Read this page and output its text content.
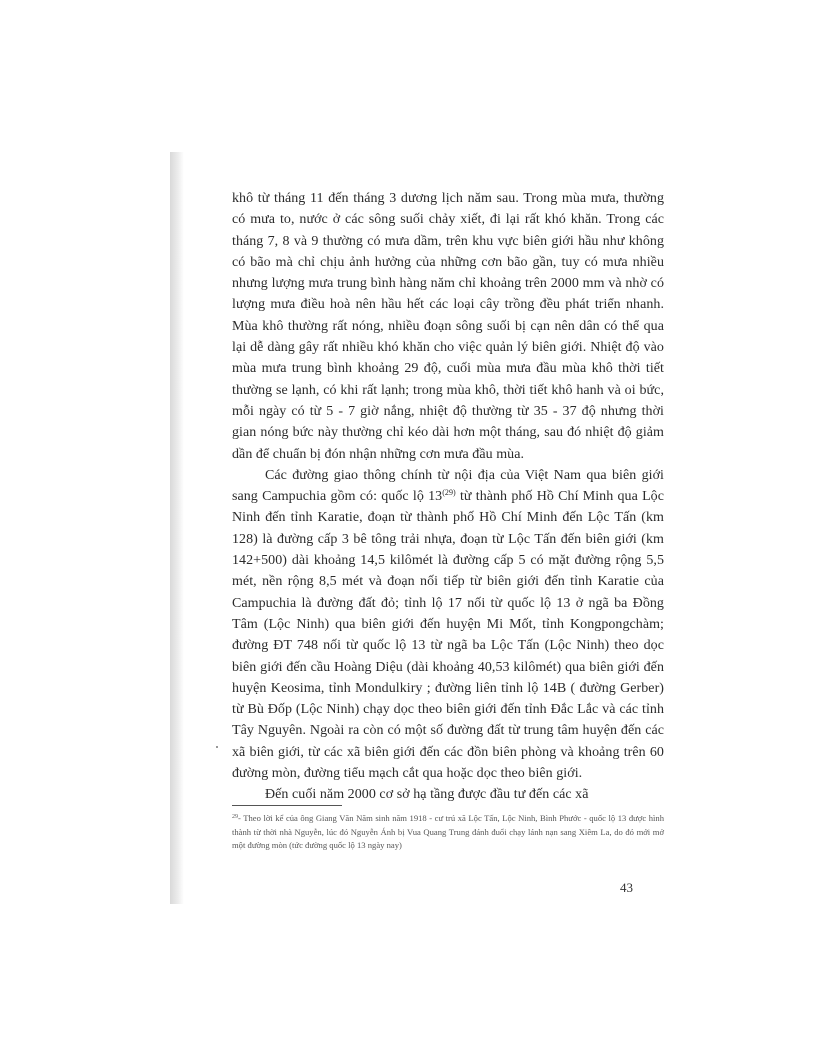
khô từ tháng 11 đến tháng 3 dương lịch năm sau. Trong mùa mưa, thường có mưa to, nước ở các sông suối chảy xiết, đi lại rất khó khăn. Trong các tháng 7, 8 và 9 thường có mưa dầm, trên khu vực biên giới hầu như không có bão mà chỉ chịu ảnh hưởng của những cơn bão gần, tuy có mưa nhiều nhưng lượng mưa trung bình hàng năm chỉ khoảng trên 2000 mm và nhờ có lượng mưa điều hoà nên hầu hết các loại cây trồng đều phát triển nhanh. Mùa khô thường rất nóng, nhiều đoạn sông suối bị cạn nên dân có thể qua lại dễ dàng gây rất nhiều khó khăn cho việc quản lý biên giới. Nhiệt độ vào mùa mưa trung bình khoảng 29 độ, cuối mùa mưa đầu mùa khô thời tiết thường se lạnh, có khi rất lạnh; trong mùa khô, thời tiết khô hanh và oi bức, mỗi ngày có từ 5 - 7 giờ nắng, nhiệt độ thường từ 35 - 37 độ nhưng thời gian nóng bức này thường chỉ kéo dài hơn một tháng, sau đó nhiệt độ giảm dần để chuẩn bị đón nhận những cơn mưa đầu mùa.

Các đường giao thông chính từ nội địa của Việt Nam qua biên giới sang Campuchia gồm có: quốc lộ 13$^{(29)}$ từ thành phố Hồ Chí Minh qua Lộc Ninh đến tỉnh Karatie, đoạn từ thành phố Hồ Chí Minh đến Lộc Tấn (km 128) là đường cấp 3 bê tông trải nhựa, đoạn từ Lộc Tấn đến biên giới (km 142+500) dài khoảng 14,5 kilômét là đường cấp 5 có mặt đường rộng 5,5 mét, nền rộng 8,5 mét và đoạn nối tiếp từ biên giới đến tỉnh Karatie của Campuchia là đường đất đỏ; tỉnh lộ 17 nối từ quốc lộ 13 ở ngã ba Đồng Tâm (Lộc Ninh) qua biên giới đến huyện Mi Mốt, tỉnh Kongpongchàm; đường ĐT 748 nối từ quốc lộ 13 từ ngã ba Lộc Tấn (Lộc Ninh) theo dọc biên giới đến cầu Hoàng Diệu (dài khoảng 40,53 kilômét) qua biên giới đến huyện Keosima, tỉnh Mondulkiry ; đường liên tỉnh lộ 14B ( đường Gerber) từ Bù Đốp (Lộc Ninh) chạy dọc theo biên giới đến tỉnh Đắc Lắc và các tỉnh Tây Nguyên. Ngoài ra còn có một số đường đất từ trung tâm huyện đến các xã biên giới, từ các xã biên giới đến các đồn biên phòng và khoảng trên 60 đường mòn, đường tiểu mạch cắt qua hoặc dọc theo biên giới.

Đến cuối năm 2000 cơ sở hạ tầng được đầu tư đến các xã

$^{29}$- Theo lời kể của ông Giang Văn Năm sinh năm 1918 - cư trú xã Lộc Tấn, Lộc Ninh, Bình Phước - quốc lộ 13 được hình thành từ thời nhà Nguyễn, lúc đó Nguyễn Ánh bị Vua Quang Trung đánh đuổi chạy lánh nạn sang Xiêm La, do đó mới mở một đường mòn (tức đường quốc lộ 13 ngày nay)

43
